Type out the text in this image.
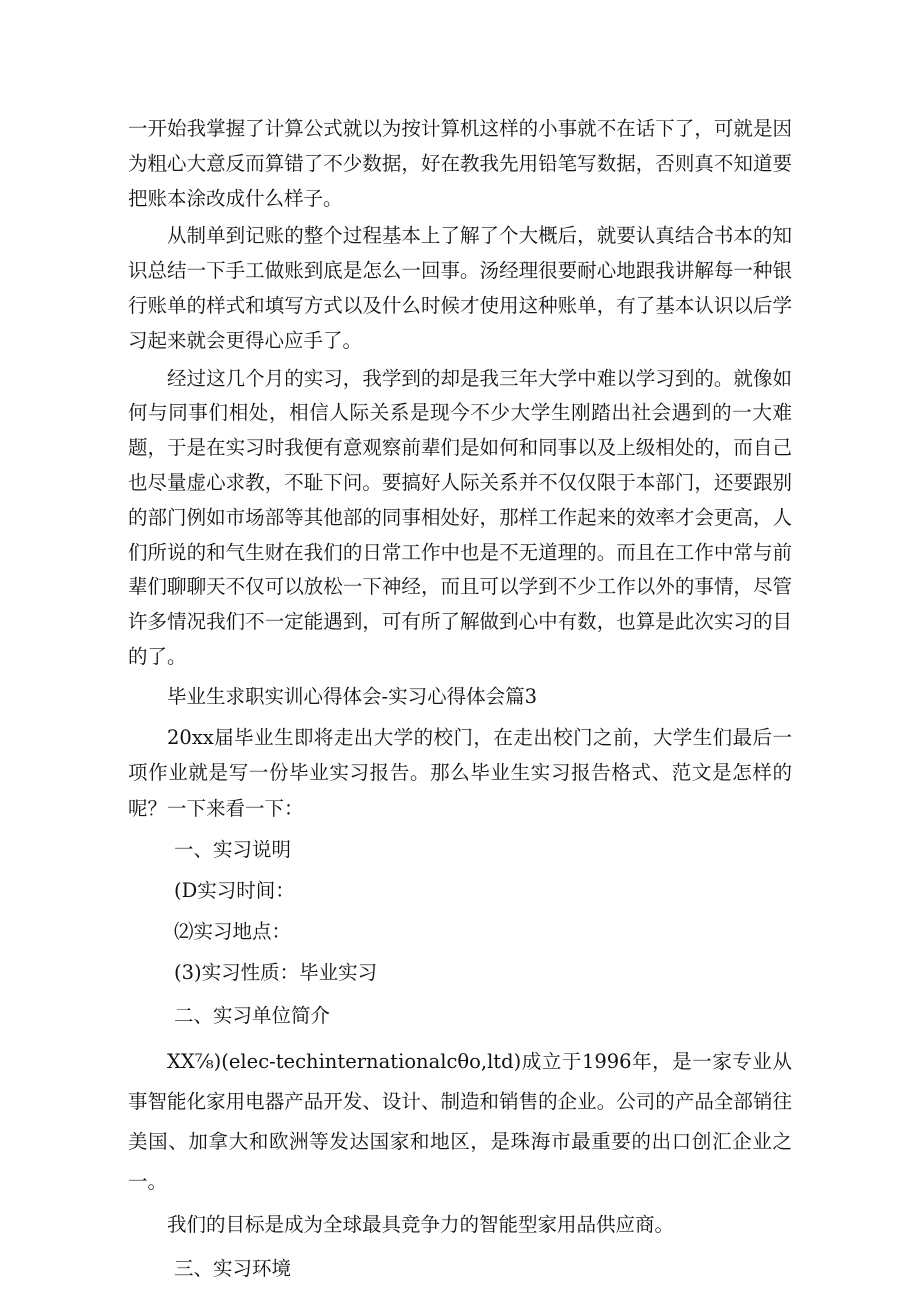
一开始我掌握了计算公式就以为按计算机这样的小事就不在话下了，可就是因为粗心大意反而算错了不少数据，好在教我先用铅笔写数据，否则真不知道要把账本涂改成什么样子。

从制单到记账的整个过程基本上了解了个大概后，就要认真结合书本的知识总结一下手工做账到底是怎么一回事。汤经理很要耐心地跟我讲解每一种银行账单的样式和填写方式以及什么时候才使用这种账单，有了基本认识以后学习起来就会更得心应手了。

经过这几个月的实习，我学到的却是我三年大学中难以学习到的。就像如何与同事们相处，相信人际关系是现今不少大学生刚踏出社会遇到的一大难题，于是在实习时我便有意观察前辈们是如何和同事以及上级相处的，而自己也尽量虚心求教，不耻下问。要搞好人际关系并不仅仅限于本部门，还要跟别的部门例如市场部等其他部的同事相处好，那样工作起来的效率才会更高，人们所说的和气生财在我们的日常工作中也是不无道理的。而且在工作中常与前辈们聊聊天不仅可以放松一下神经，而且可以学到不少工作以外的事情，尽管许多情况我们不一定能遇到，可有所了解做到心中有数，也算是此次实习的目的了。

毕业生求职实训心得体会-实习心得体会篇3

20xx届毕业生即将走出大学的校门，在走出校门之前，大学生们最后一项作业就是写一份毕业实习报告。那么毕业生实习报告格式、范文是怎样的呢？一下来看一下：

一、实习说明

(D实习时间：

⑵实习地点：

(3)实习性质：毕业实习

二、实习单位简介

XX⅞)(elec-techinternationalcθo,ltd)成立于1996年，是一家专业从事智能化家用电器产品开发、设计、制造和销售的企业。公司的产品全部销往美国、加拿大和欧洲等发达国家和地区，是珠海市最重要的出口创汇企业之一。

我们的目标是成为全球最具竞争力的智能型家用品供应商。

三、实习环境
